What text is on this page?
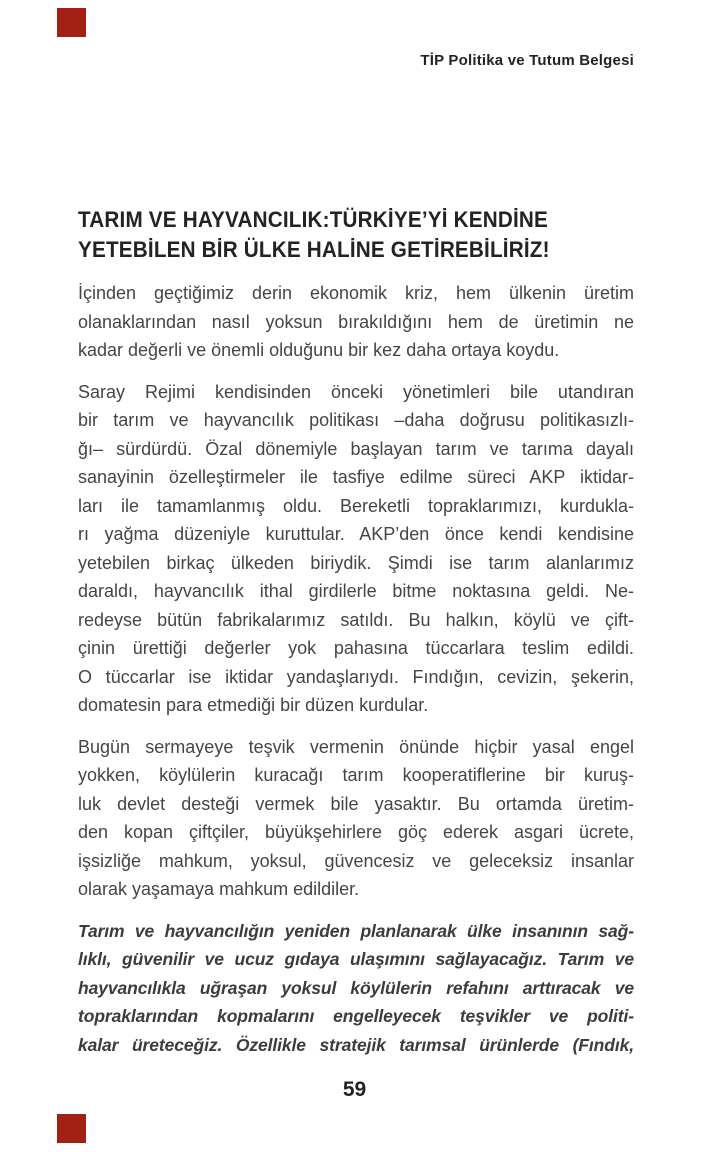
TİP Politika ve Tutum Belgesi
TARIM VE HAYVANCILIK:TÜRKİYE’Yİ KENDİNE
YETEBİLEN BİR ÜLKE HALİNE GETİREBİLİRİZ!

İçinden geçtiğimiz derin ekonomik kriz, hem ülkenin üretim
olanaklarından nasıl yoksun bırakıldığını hem de üretimin ne
kadar değerli ve önemli olduğunu bir kez daha ortaya koydu.

Saray Rejimi kendisinden önceki yönetimleri bile utandıran
bir tarım ve hayvancılık politikası –daha doğrusu politikasızlı-
ğı– sürdürdü. Özal dönemiyle başlayan tarım ve tarıma dayalı
sanayinin özelleştirmeler ile tasfiye edilme süreci AKP iktidar-
ları ile tamamlanmış oldu. Bereketli topraklarımızı, kurdukla-
rı yağma düzeniyle kuruttular. AKP’den önce kendi kendisine
yetebilen birkaç ülkeden biriydik. Şimdi ise tarım alanlarımız
daraldı, hayvancılık ithal girdilerle bitme noktasına geldi. Ne-
redeyse bütün fabrikalarımız satıldı. Bu halkın, köylü ve çift-
çinin ürettiği değerler yok pahasına tüccarlara teslim edildi.
O tüccarlar ise iktidar yandaşlarıydı. Fındığın, cevizin, şekerin,
domatesin para etmediği bir düzen kurdular.

Bugün sermayeye teşvik vermenin önünde hiçbir yasal engel
yokken, köylülerin kuracağı tarım kooperatiflerine bir kuruş-
luk devlet desteği vermek bile yasaktır. Bu ortamda üretim-
den kopan çiftçiler, büyükşehirlere göç ederek asgari ücrete,
işsizliğe mahkum, yoksul, güvencesiz ve geleceksiz insanlar
olarak yaşamaya mahkum edildiler.

Tarım ve hayvancılığın yeniden planlanarak ülke insanının sağ-
lıklı, güvenilir ve ucuz gıdaya ulaşımını sağlayacağız. Tarım ve
hayvancılıkla uğraşan yoksul köylülerin refahını arttıracak ve
topraklarından kopmalarını engelleyecek teşvikler ve politi-
kalar üreteceğiz. Özellikle stratejik tarımsal ürünlerde (Fındık,

59
